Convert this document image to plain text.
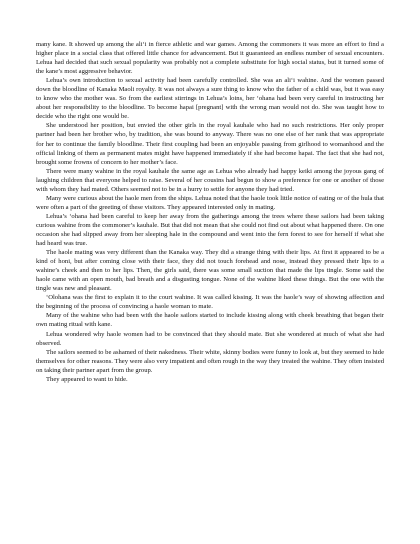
many kane. It showed up among the ali‘i in fierce athletic and war games. Among the commoners it was more an effort to find a higher place in a social class that offered little chance for advancement. But it guaranteed an endless number of sexual encounters. Lehua had decided that such sexual popularity was probably not a complete substitute for high social status, but it turned some of the kane’s most aggressive behavior.

Lehua’s own introduction to sexual activity had been carefully controlled. She was an ali‘i wahine. And the women passed down the bloodline of Kanaka Maoli royalty. It was not always a sure thing to know who the father of a child was, but it was easy to know who the mother was. So from the earliest stirrings in Lehua’s loins, her ‘ohana had been very careful in instructing her about her responsibility to the bloodline. To become hapai [pregnant] with the wrong man would not do. She was taught how to decide who the right one would be.

She understood her position, but envied the other girls in the royal kauhale who had no such restrictions. Her only proper partner had been her brother who, by tradition, she was bound to anyway. There was no one else of her rank that was appropriate for her to continue the family bloodline. Their first coupling had been an enjoyable passing from girlhood to womanhood and the official linking of them as permanent mates might have happened immediately if she had become hapai. The fact that she had not, brought some frowns of concern to her mother’s face.

There were many wahine in the royal kauhale the same age as Lehua who already had happy keiki among the joyous gang of laughing children that everyone helped to raise. Several of her cousins had begun to show a preference for one or another of those with whom they had mated. Others seemed not to be in a hurry to settle for anyone they had tried.

Many were curious about the haole men from the ships. Lehua noted that the haole took little notice of eating or of the hula that were often a part of the greeting of these visitors. They appeared interested only in mating.

Lehua’s ‘ohana had been careful to keep her away from the gatherings among the trees where these sailors had been taking curious wahine from the commoner’s kauhale. But that did not mean that she could not find out about what happened there. On one occasion she had slipped away from her sleeping hale in the compound and went into the fern forest to see for herself if what she had heard was true.

The haole mating was very different than the Kanaka way. They did a strange thing with their lips. At first it appeared to be a kind of honi, but after coming close with their face, they did not touch forehead and nose, instead they pressed their lips to a wahine’s cheek and then to her lips. Then, the girls said, there was some small suction that made the lips tingle. Some said the haole came with an open mouth, bad breath and a disgusting tongue. None of the wahine liked these things. But the one with the tingle was new and pleasant.

‘Olohana was the first to explain it to the court wahine. It was called kissing. It was the haole’s way of showing affection and the beginning of the process of convincing a haole woman to mate.

Many of the wahine who had been with the haole sailors started to include kissing along with cheek breathing that began their own mating ritual with kane.

Lehua wondered why haole women had to be convinced that they should mate. But she wondered at much of what she had observed.

The sailors seemed to be ashamed of their nakedness. Their white, skinny bodies were funny to look at, but they seemed to hide themselves for other reasons. They were also very impatient and often rough in the way they treated the wahine. They often insisted on taking their partner apart from the group.

They appeared to want to hide.
